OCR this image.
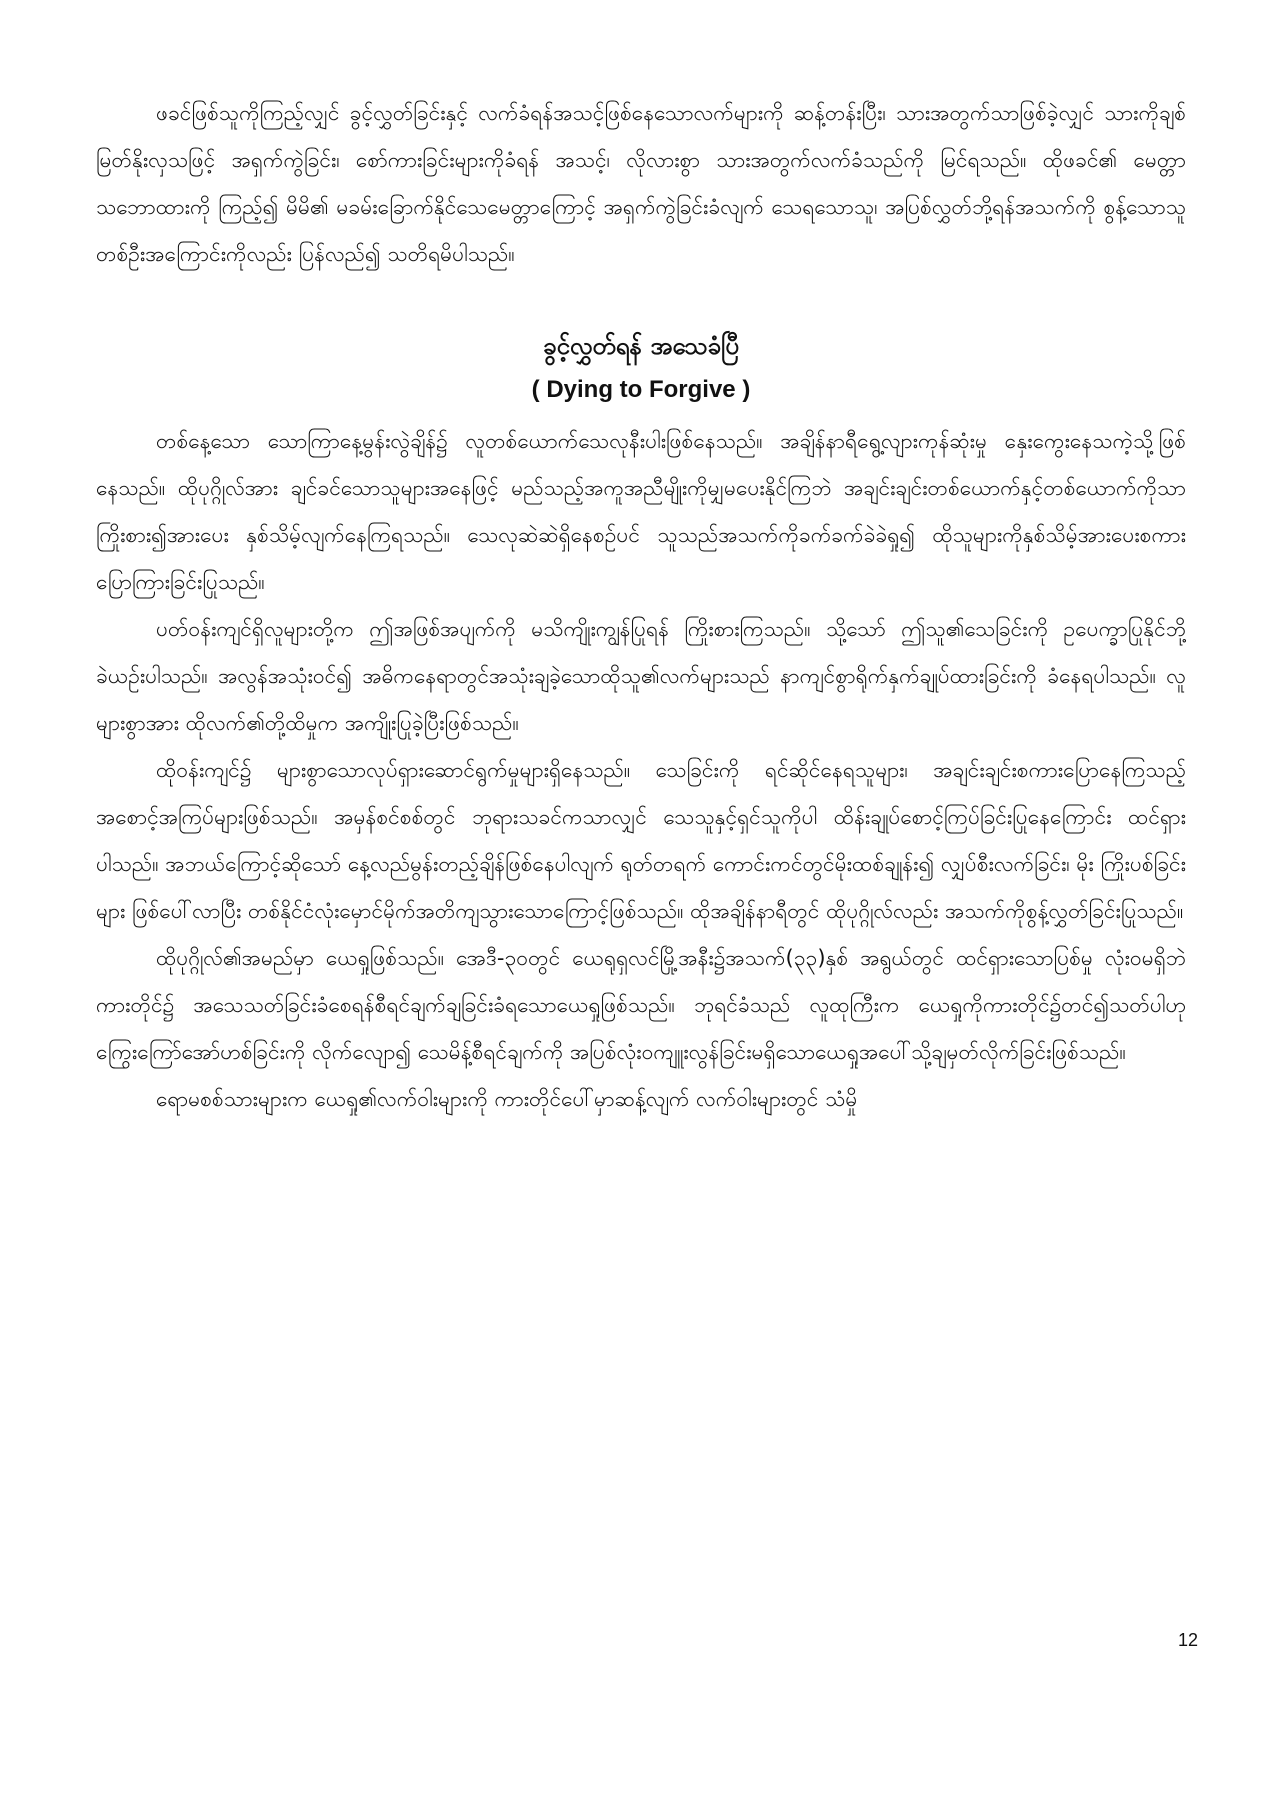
ဖခင်ဖြစ်သူကိုကြည့်လျှင် ခွင့်လွှတ်ခြင်းနှင့် လက်ခံရန်အသင့်ဖြစ်နေသောလက်များကို ဆန့်တန်းပြီး၊ သားအတွက်သာဖြစ်ခဲ့လျှင် သားကိုချစ်မြတ်နိုးလှသဖြင့် အရှက်ကွဲခြင်း၊ စော်ကားခြင်းများကိုခံရန် အသင့်၊ လိုလားစွာ သားအတွက်လက်ခံသည်ကို မြင်ရသည်။ ထိုဖခင်၏ မေတ္တာသဘောထားကို ကြည့်၍ မိမိ၏ မခမ်းခြောက်နိုင်သေမေတ္တာကြောင့် အရှက်ကွဲခြင်းခံလျက် သေရသောသူ၊ အပြစ်လွှတ်ဘို့ရန်အသက်ကို စွန့်သောသူတစ်ဦးအကြောင်းကိုလည်း ပြန်လည်၍ သတိရမိပါသည်။

ခွင့်လွှတ်ရန် အသေခံပြီ
( Dying to Forgive )

တစ်နေ့သော သောကြာနေ့မွန်းလွဲချိန်၌ လူတစ်ယောက်သေလုနီးပါးဖြစ်နေသည်။ အချိန်နာရီရွေ့လျားကုန်ဆုံးမှု နှေးကွေးနေသကဲ့သို့ဖြစ်နေသည်။ ထိုပုဂ္ဂိုလ်အား ချင်ခင်သောသူများအနေဖြင့် မည်သည့်အကူအညီမျိုးကိုမျှမပေးနိုင်ကြဘဲ အချင်းချင်းတစ်ယောက်နှင့်တစ်ယောက်ကိုသာ ကြိုးစား၍အားပေး နှစ်သိမ့်လျက်နေကြရသည်။ သေလုဆဲဆဲရှိနေစဉ်ပင် သူသည်အသက်ကိုခက်ခက်ခဲခဲရှု၍ ထိုသူများကိုနှစ်သိမ့်အားပေးစကား ပြောကြားခြင်းပြုသည်။

ပတ်ဝန်းကျင်ရှိလူများတို့က ဤအဖြစ်အပျက်ကို မသိကျိုးကျွန်ပြုရန် ကြိုးစားကြသည်။ သို့သော် ဤသူ၏သေခြင်းကို ဥပေက္ခာပြုနိုင်ဘို့ ခဲယဉ်းပါသည်။ အလွန်အသုံးဝင်၍ အဓိကနေရာတွင်အသုံးချခဲ့သောထိုသူ၏လက်များသည် နာကျင်စွာရိုက်နှက်ချုပ်ထားခြင်းကို ခံနေရပါသည်။ လူများစွာအား ထိုလက်၏တို့ထိမှုက အကျိုးပြုခဲ့ပြီးဖြစ်သည်။

ထိုဝန်းကျင်၌ များစွာသောလုပ်ရှားဆောင်ရွက်မှုများရှိနေသည်။ သေခြင်းကို ရင်ဆိုင်နေရသူများ၊ အချင်းချင်းစကားပြောနေကြသည့် အစောင့်အကြပ်များဖြစ်သည်။ အမှန်စင်စစ်တွင် ဘုရားသခင်ကသာလျှင် သေသူနှင့်ရှင်သူကိုပါ ထိန်းချုပ်စောင့်ကြပ်ခြင်းပြုနေကြောင်း ထင်ရှားပါသည်။ အဘယ်ကြောင့်ဆိုသော် နေ့လည်မွန်းတည့်ချိန်ဖြစ်နေပါလျက် ရုတ်တရက် ကောင်းကင်တွင်မိုးထစ်ချုန်း၍ လျှပ်စီးလက်ခြင်း၊ မိုး ကြိုးပစ်ခြင်းများ ဖြစ်ပေါ်လာပြီး တစ်နိုင်ငံလုံးမှောင်မိုက်အတိကျသွားသောကြောင့်ဖြစ်သည်။ ထိုအချိန်နာရီတွင် ထိုပုဂ္ဂိုလ်လည်း အသက်ကိုစွန့်လွှတ်ခြင်းပြုသည်။

ထိုပုဂ္ဂိုလ်၏အမည်မှာ ယေရှုဖြစ်သည်။ အေဒီ-၃၀တွင် ယေရုရှလင်မြို့အနီး၌အသက်(၃၃)နှစ် အရွယ်တွင် ထင်ရှားသောပြစ်မှု လုံးဝမရှိဘဲ ကားတိုင်၌ အသေသတ်ခြင်းခံစေရန်စီရင်ချက်ချခြင်းခံရသောယေရှုဖြစ်သည်။ ဘုရင်ခံသည် လူထုကြီးက ယေရှုကိုကားတိုင်၌တင်၍သတ်ပါဟု ကြွေးကြော်အော်ဟစ်ခြင်းကို လိုက်လျော၍ သေမိန့်စီရင်ချက်ကို အပြစ်လုံးဝကျူးလွန်ခြင်းမရှိသောယေရှုအပေါ်သို့ချမှတ်လိုက်ခြင်းဖြစ်သည်။

ရောမစစ်သားများက ယေရှု၏လက်ဝါးများကို ကားတိုင်ပေါ်မှာဆန့်လျက် လက်ဝါးများတွင် သံမှို

12
